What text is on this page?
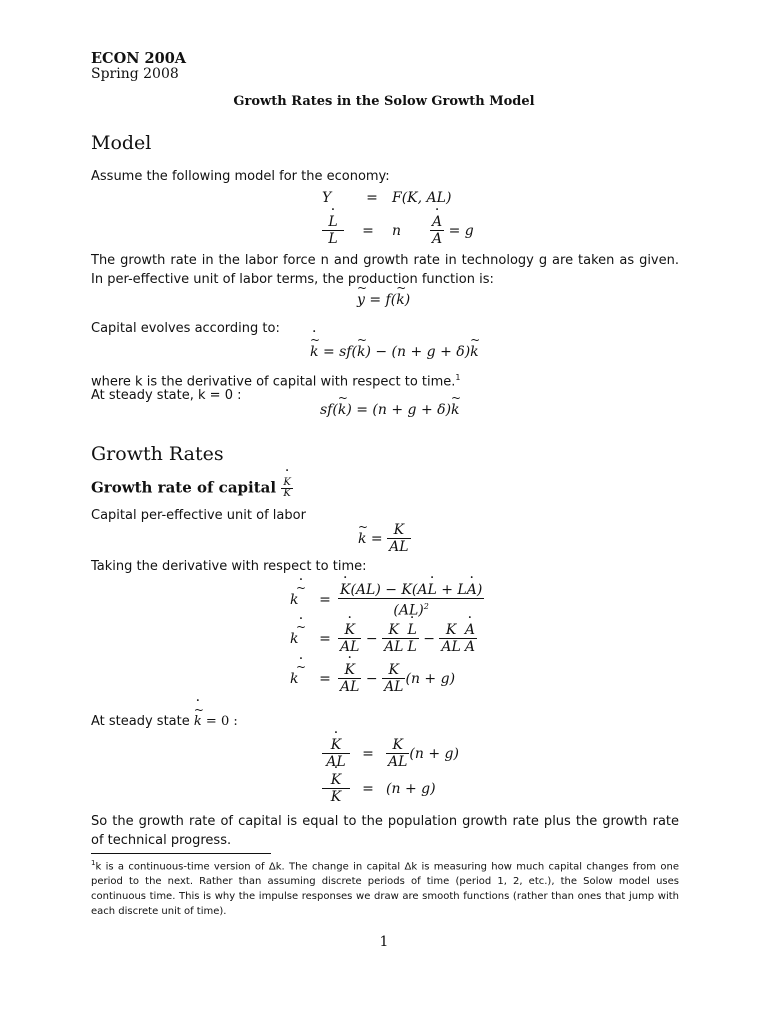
ECON 200A
Spring 2008
Growth Rates in the Solow Growth Model
Model
Assume the following model for the economy:
Y	=	F(K, AL)
$\frac{L \cdot}{L}$	=	n	$\frac{A \cdot}{A} = g$
The growth rate in the labor force n and growth rate in technology g are taken as given. In per-effective unit of labor terms, the production function is:
~ y = f(~ k)
Capital evolves according to:
~ k · = sf(~ k) − (n + g + δ)~ k
where k is the derivative of capital with respect to time.$^1$
At steady state, k = 0 :
sf(~ k) = (n + g + δ)~ k
Growth Rates
Growth rate of capital $\frac{K \cdot}{K}$
Capital per-effective unit of labor
~ $k = \frac{K}{AL}$
Taking the derivative with respect to time:
~ k ·	= $\frac{K \cdot(AL) - K(AL \cdot + LA \cdot)}{(AL)^2}$
~ k ·	= $\frac{K \cdot}{AL} - \frac{K}{AL} \frac{L \cdot}{L} - \frac{K}{AL} \frac{A \cdot}{A}$
~ k ·	= $\frac{K \cdot}{AL} - \frac{K}{AL} (n + g)$
At steady state ~ k · = 0 :
$\frac{K \cdot}{AL} = \frac{K}{AL} (n + g)$
$\frac{K \cdot}{K} = (n + g)$
So the growth rate of capital is equal to the population growth rate plus the growth rate of technical progress.
$^1$k is a continuous-time version of Δk. The change in capital Δk is measuring how much capital changes from one period to the next. Rather than assuming discrete periods of time (period 1, 2, etc.), the Solow model uses continuous time. This is why the impulse responses we draw are smooth functions (rather than ones that jump with each discrete unit of time).
1
